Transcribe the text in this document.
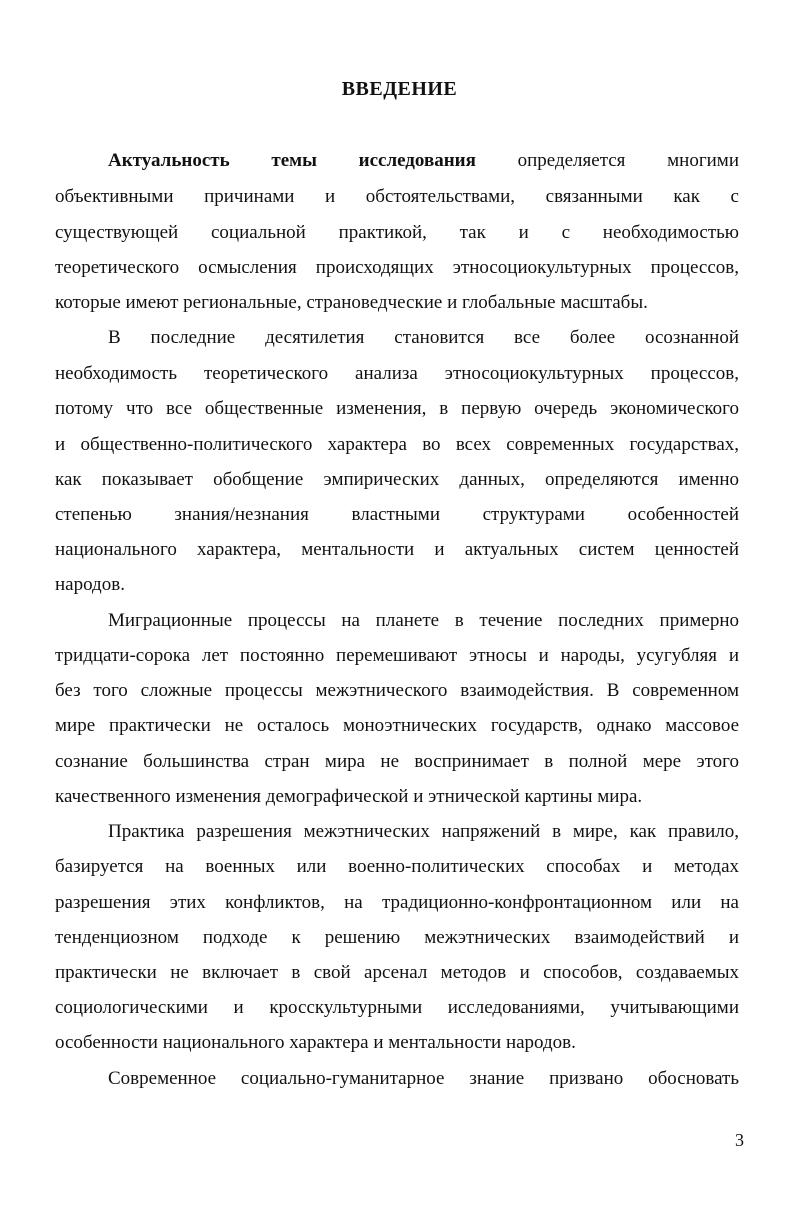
ВВЕДЕНИЕ
Актуальность темы исследования определяется многими
объективными причинами и обстоятельствами, связанными как с
существующей социальной практикой, так и с необходимостью
теоретического осмысления происходящих этносоциокультурных процессов,
которые имеют региональные, страноведческие и глобальные масштабы.
В последние десятилетия становится все более осознанной
необходимость теоретического анализа этносоциокультурных процессов,
потому что все общественные изменения, в первую очередь экономического
и общественно-политического характера во всех современных государствах,
как показывает обобщение эмпирических данных, определяются именно
степенью знания/незнания властными структурами особенностей
национального характера, ментальности и актуальных систем ценностей
народов.
Миграционные процессы на планете в течение последних примерно
тридцати-сорока лет постоянно перемешивают этносы и народы, усугубляя и
без того сложные процессы межэтнического взаимодействия. В современном
мире практически не осталось моноэтнических государств, однако массовое
сознание большинства стран мира не воспринимает в полной мере этого
качественного изменения демографической и этнической картины мира.
Практика разрешения межэтнических напряжений в мире, как правило,
базируется на военных или военно-политических способах и методах
разрешения этих конфликтов, на традиционно-конфронтационном или на
тенденциозном подходе к решению межэтнических взаимодействий и
практически не включает в свой арсенал методов и способов, создаваемых
социологическими и кросскультурными исследованиями, учитывающими
особенности национального характера и ментальности народов.
Современное социально-гуманитарное знание призвано обосновать
3
